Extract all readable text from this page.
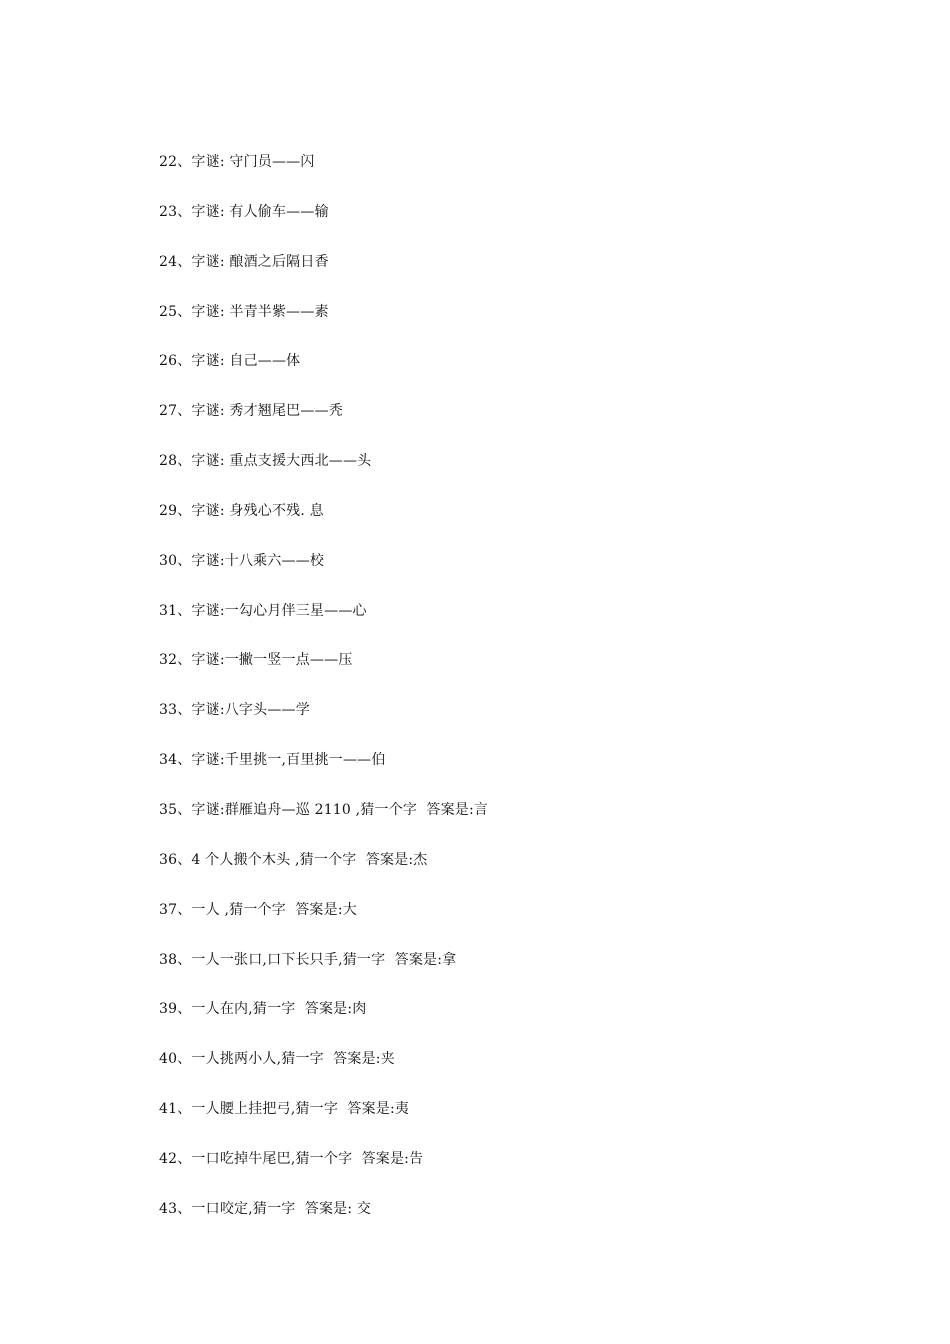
22、字谜: 守门员——闪
23、字谜: 有人偷车——输
24、字谜: 酿酒之后隔日香
25、字谜: 半青半紫——素
26、字谜: 自己——体
27、字谜: 秀才翘尾巴——秃
28、字谜: 重点支援大西北——头
29、字谜: 身残心不残. 息
30、字谜:十八乘六——校
31、字谜:一勾心月伴三星——心
32、字谜:一撇一竖一点——压
33、字谜:八字头——学
34、字谜:千里挑一,百里挑一——伯
35、字谜:群雁追舟—巡 2110 ,猜一个字  答案是:言
36、4 个人搬个木头 ,猜一个字  答案是:杰
37、一人 ,猜一个字  答案是:大
38、一人一张口,口下长只手,猜一字  答案是:拿
39、一人在内,猜一字  答案是:肉
40、一人挑两小人,猜一字  答案是:夹
41、一人腰上挂把弓,猜一字  答案是:夷
42、一口吃掉牛尾巴,猜一个字  答案是:告
43、一口咬定,猜一字  答案是: 交
